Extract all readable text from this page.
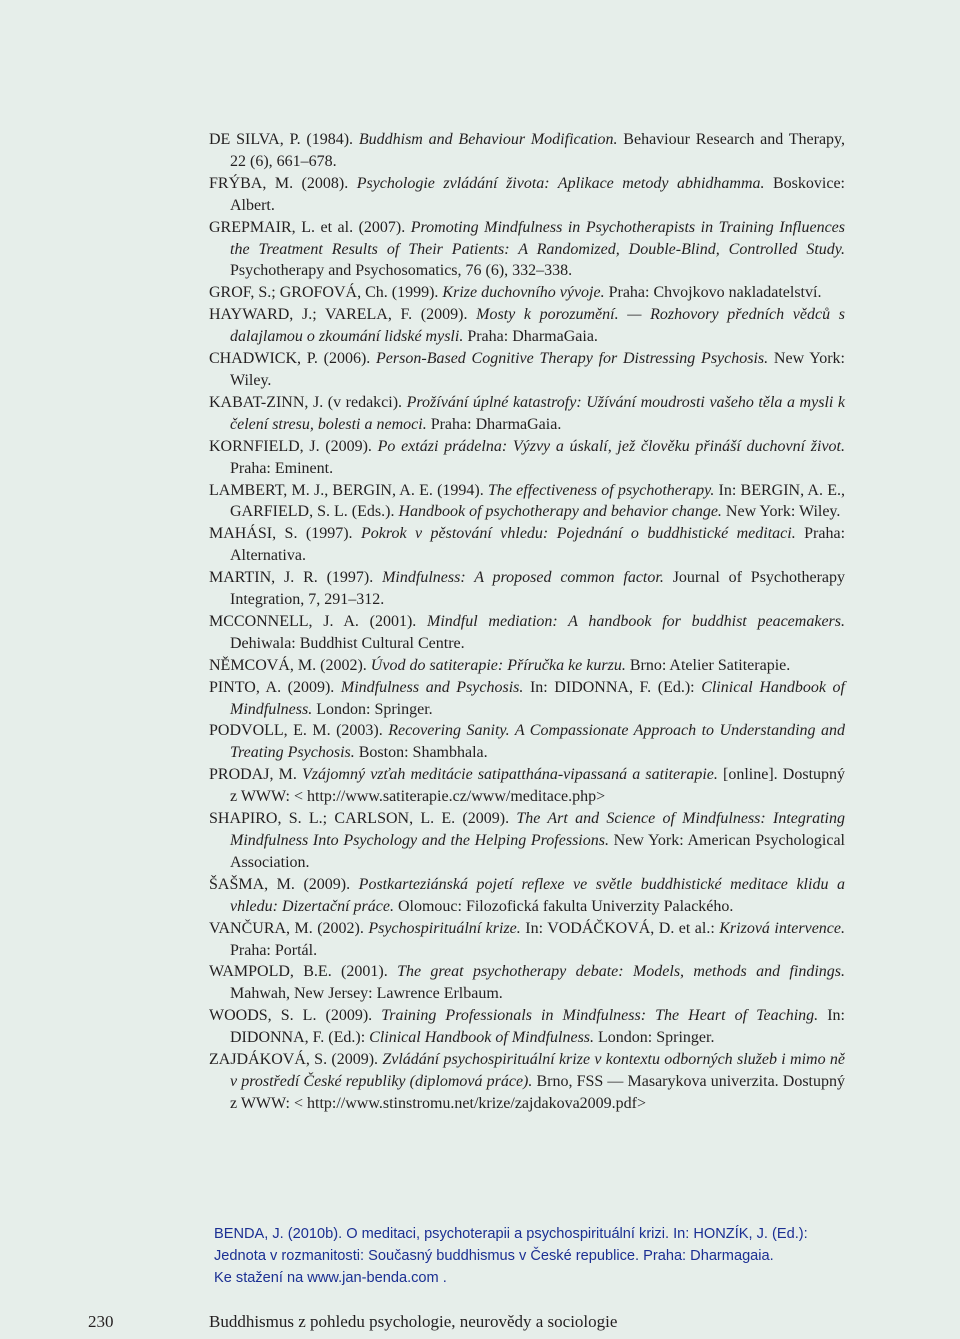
DE SILVA, P. (1984). Buddhism and Behaviour Modification. Behaviour Research and Therapy, 22 (6), 661–678.
FRÝBA, M. (2008). Psychologie zvládání života: Aplikace metody abhidhamma. Boskovice: Albert.
GREPMAIR, L. et al. (2007). Promoting Mindfulness in Psychotherapists in Training Influences the Treatment Results of Their Patients: A Randomized, Double-Blind, Controlled Study. Psychotherapy and Psychosomatics, 76 (6), 332–338.
GROF, S.; GROFOVÁ, Ch. (1999). Krize duchovního vývoje. Praha: Chvojkovo nakladatelství.
HAYWARD, J.; VARELA, F. (2009). Mosty k porozumění. — Rozhovory předních vědců s dalajlamou o zkoumání lidské mysli. Praha: DharmaGaia.
CHADWICK, P. (2006). Person-Based Cognitive Therapy for Distressing Psychosis. New York: Wiley.
KABAT-ZINN, J. (v redakci). Prožívání úplné katastrofy: Užívání moudrosti vašeho těla a mysli k čelení stresu, bolesti a nemoci. Praha: DharmaGaia.
KORNFIELD, J. (2009). Po extázi prádelna: Výzvy a úskalí, jež člověku přináší duchovní život. Praha: Eminent.
LAMBERT, M. J., BERGIN, A. E. (1994). The effectiveness of psychotherapy. In: BERGIN, A. E., GARFIELD, S. L. (Eds.). Handbook of psychotherapy and behavior change. New York: Wiley.
MAHÁSI, S. (1997). Pokrok v pěstování vhledu: Pojednání o buddhistické meditaci. Praha: Alternativa.
MARTIN, J. R. (1997). Mindfulness: A proposed common factor. Journal of Psychotherapy Integration, 7, 291–312.
MCCONNELL, J. A. (2001). Mindful mediation: A handbook for buddhist peacemakers. Dehiwala: Buddhist Cultural Centre.
NĚMCOVÁ, M. (2002). Úvod do satiterapie: Příručka ke kurzu. Brno: Atelier Satiterapie.
PINTO, A. (2009). Mindfulness and Psychosis. In: DIDONNA, F. (Ed.): Clinical Handbook of Mindfulness. London: Springer.
PODVOLL, E. M. (2003). Recovering Sanity. A Compassionate Approach to Understanding and Treating Psychosis. Boston: Shambhala.
PRODAJ, M. Vzájomný vzťah meditácie satipatthána-vipassaná a satiterapie. [online]. Dostupný z WWW: < http://www.satiterapie.cz/www/meditace.php>
SHAPIRO, S. L.; CARLSON, L. E. (2009). The Art and Science of Mindfulness: Integrating Mindfulness Into Psychology and the Helping Professions. New York: American Psychological Association.
ŠAŠMA, M. (2009). Postkarteziánská pojetí reflexe ve světle buddhistické meditace klidu a vhledu: Dizertační práce. Olomouc: Filozofická fakulta Univerzity Palackého.
VANČURA, M. (2002). Psychospirituální krize. In: VODÁČKOVÁ, D. et al.: Krizová intervence. Praha: Portál.
WAMPOLD, B.E. (2001). The great psychotherapy debate: Models, methods and findings. Mahwah, New Jersey: Lawrence Erlbaum.
WOODS, S. L. (2009). Training Professionals in Mindfulness: The Heart of Teaching. In: DIDONNA, F. (Ed.): Clinical Handbook of Mindfulness. London: Springer.
ZAJDÁKOVÁ, S. (2009). Zvládání psychospirituální krize v kontextu odborných služeb i mimo ně v prostředí České republiky (diplomová práce). Brno, FSS — Masarykova univerzita. Dostupný z WWW: < http://www.stinstromu.net/krize/zajdakova2009.pdf>

BENDA, J. (2010b). O meditaci, psychoterapii a psychospirituální krizi. In: HONZÍK, J. (Ed.):

Jednota v rozmanitosti: Současný buddhismus v České republice. Praha: Dharmagaia.

Ke stažení na www.jan-benda.com .

230	Buddhismus z pohledu psychologie, neurovědy a sociologie
